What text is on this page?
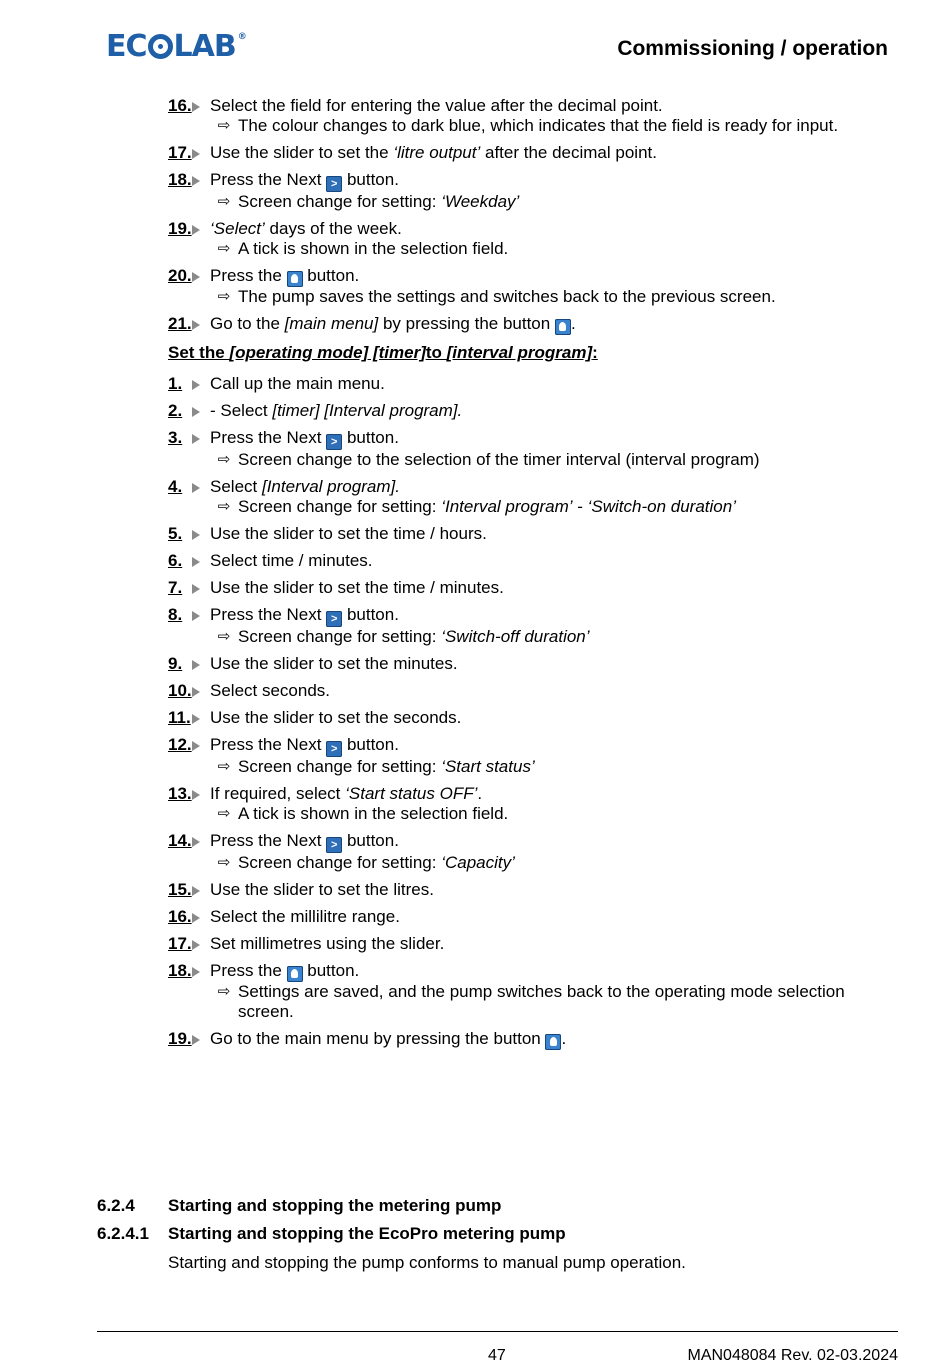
EC LAB ®	Commissioning / operation
16.	Select the field for entering the value after the decimal point.
⇨ The colour changes to dark blue, which indicates that the field is ready for input.
17.	Use the slider to set the ‘litre output’ after the decimal point.
18.	Press the Next > button.
⇨ Screen change for setting: ‘Weekday’
19.	‘Select’ days of the week.
⇨ A tick is shown in the selection field.
20.	Press the  button.
⇨ The pump saves the settings and switches back to the previous screen.
21.	Go to the [main menu] by pressing the button .
Set the [operating mode] [timer]to [interval program]:
1.	Call up the main menu.
2.	- Select [timer] [Interval program].
3.	Press the Next > button.
⇨ Screen change to the selection of the timer interval (interval program)
4.	Select [Interval program].
⇨ Screen change for setting: ‘Interval program’ - ‘Switch-on duration’
5.	Use the slider to set the time / hours.
6.	Select time / minutes.
7.	Use the slider to set the time / minutes.
8.	Press the Next > button.
⇨ Screen change for setting: ‘Switch-off duration’
9.	Use the slider to set the minutes.
10.	Select seconds.
11.	Use the slider to set the seconds.
12.	Press the Next > button.
⇨ Screen change for setting: ‘Start status’
13.	If required, select ‘Start status OFF’.
⇨ A tick is shown in the selection field.
14.	Press the Next > button.
⇨ Screen change for setting: ‘Capacity’
15.	Use the slider to set the litres.
16.	Select the millilitre range.
17.	Set millimetres using the slider.
18.	Press the  button.
⇨ Settings are saved, and the pump switches back to the operating mode selection screen.
19.	Go to the main menu by pressing the button .
6.2.4	Starting and stopping the metering pump
6.2.4.1	Starting and stopping the EcoPro metering pump
Starting and stopping the pump conforms to manual pump operation.
47	MAN048084 Rev. 02-03.2024
